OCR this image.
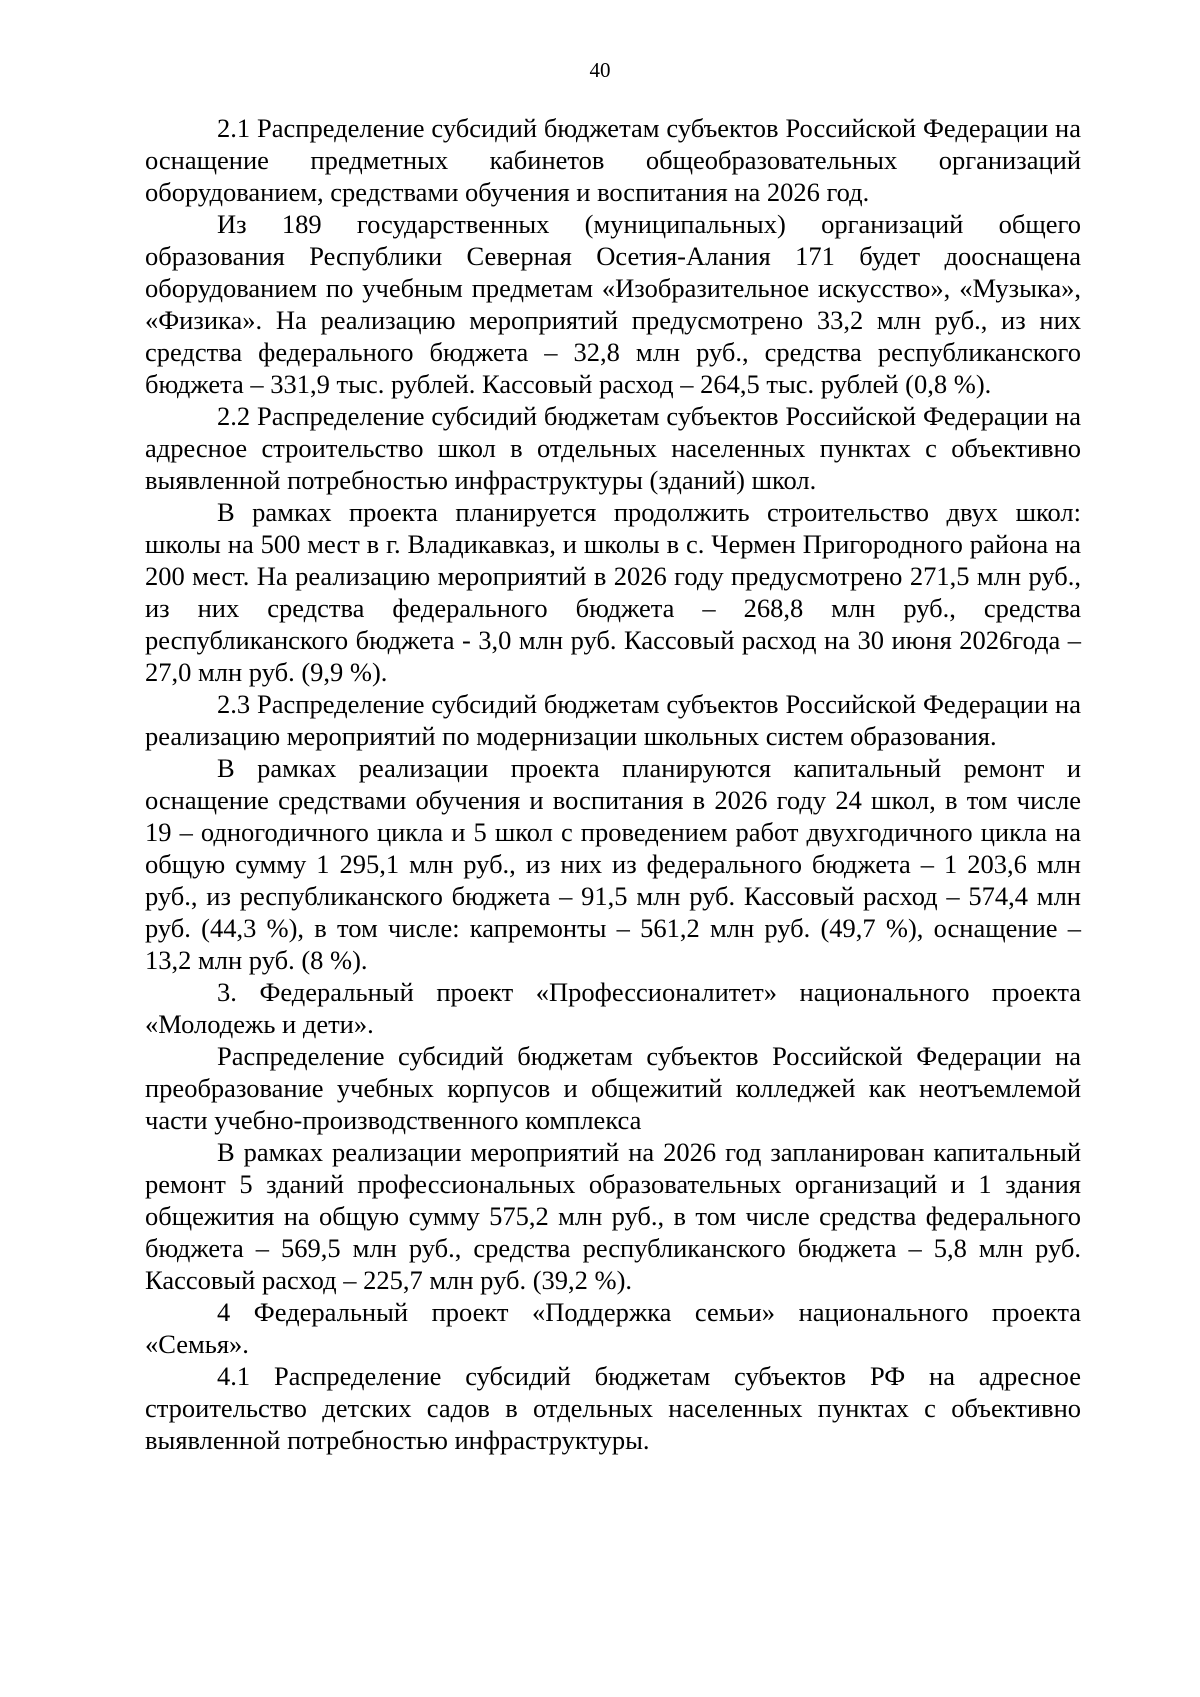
40

2.1 Распределение субсидий бюджетам субъектов Российской Федерации на оснащение предметных кабинетов общеобразовательных организаций оборудованием, средствами обучения и воспитания на 2026 год.

Из 189 государственных (муниципальных) организаций общего образования Республики Северная Осетия-Алания 171 будет дооснащена оборудованием по учебным предметам «Изобразительное искусство», «Музыка», «Физика». На реализацию мероприятий предусмотрено 33,2 млн руб., из них средства федерального бюджета – 32,8 млн руб., средства республиканского бюджета – 331,9 тыс. рублей. Кассовый расход – 264,5 тыс. рублей (0,8 %).

2.2 Распределение субсидий бюджетам субъектов Российской Федерации на адресное строительство школ в отдельных населенных пунктах с объективно выявленной потребностью инфраструктуры (зданий) школ.

В рамках проекта планируется продолжить строительство двух школ: школы на 500 мест в г. Владикавказ, и школы в с. Чермен Пригородного района на 200 мест. На реализацию мероприятий в 2026 году предусмотрено 271,5 млн руб., из них средства федерального бюджета – 268,8 млн руб., средства республиканского бюджета - 3,0 млн руб. Кассовый расход на 30 июня 2026года – 27,0 млн руб. (9,9 %).

2.3 Распределение субсидий бюджетам субъектов Российской Федерации на реализацию мероприятий по модернизации школьных систем образования.

В рамках реализации проекта планируются капитальный ремонт и оснащение средствами обучения и воспитания в 2026 году 24 школ, в том числе 19 – одногодичного цикла и 5 школ с проведением работ двухгодичного цикла на общую сумму 1 295,1 млн руб., из них из федерального бюджета – 1 203,6 млн руб., из республиканского бюджета – 91,5 млн руб. Кассовый расход – 574,4 млн руб. (44,3 %), в том числе: капремонты – 561,2 млн руб. (49,7 %), оснащение – 13,2 млн руб. (8 %).

3. Федеральный проект «Профессионалитет» национального проекта «Молодежь и дети».

Распределение субсидий бюджетам субъектов Российской Федерации на преобразование учебных корпусов и общежитий колледжей как неотъемлемой части учебно-производственного комплекса

В рамках реализации мероприятий на 2026 год запланирован капитальный ремонт 5 зданий профессиональных образовательных организаций и 1 здания общежития на общую сумму 575,2 млн руб., в том числе средства федерального бюджета – 569,5 млн руб., средства республиканского бюджета – 5,8 млн руб. Кассовый расход – 225,7 млн руб. (39,2 %).

4 Федеральный проект «Поддержка семьи» национального проекта «Семья».

4.1 Распределение субсидий бюджетам субъектов РФ на адресное строительство детских садов в отдельных населенных пунктах с объективно выявленной потребностью инфраструктуры.
